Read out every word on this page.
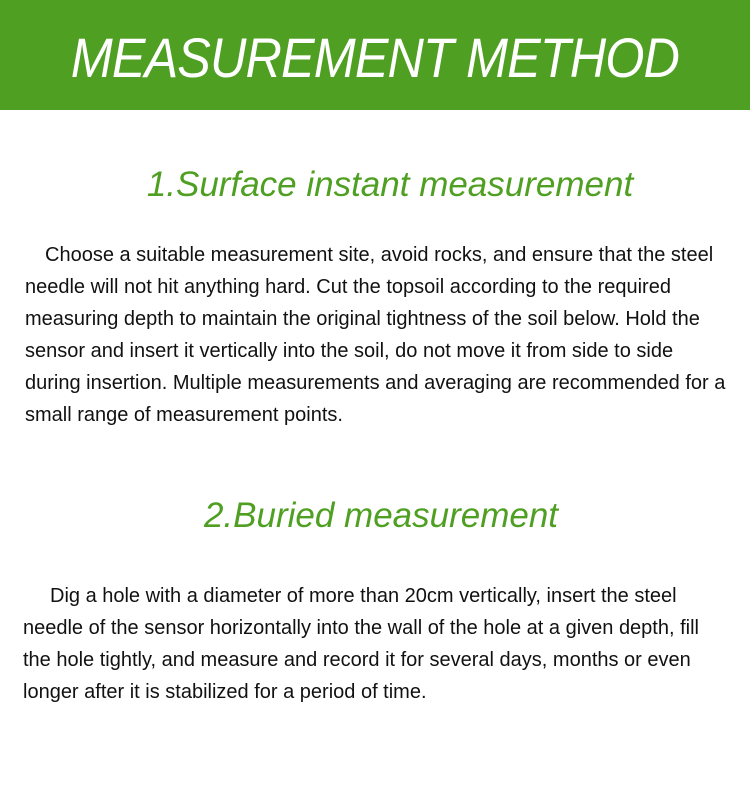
MEASUREMENT METHOD
1.Surface instant measurement

Choose a suitable measurement site, avoid rocks, and ensure that the steel needle will not hit anything hard. Cut the topsoil according to the required measuring depth to maintain the original tightness of the soil below. Hold the sensor and insert it vertically into the soil, do not move it from side to side during insertion. Multiple measurements and averaging are recommended for a small range of measurement points.

2.Buried measurement

Dig a hole with a diameter of more than 20cm vertically, insert the steel needle of the sensor horizontally into the wall of the hole at a given depth, fill the hole tightly, and measure and record it for several days, months or even longer after it is stabilized for a period of time.
